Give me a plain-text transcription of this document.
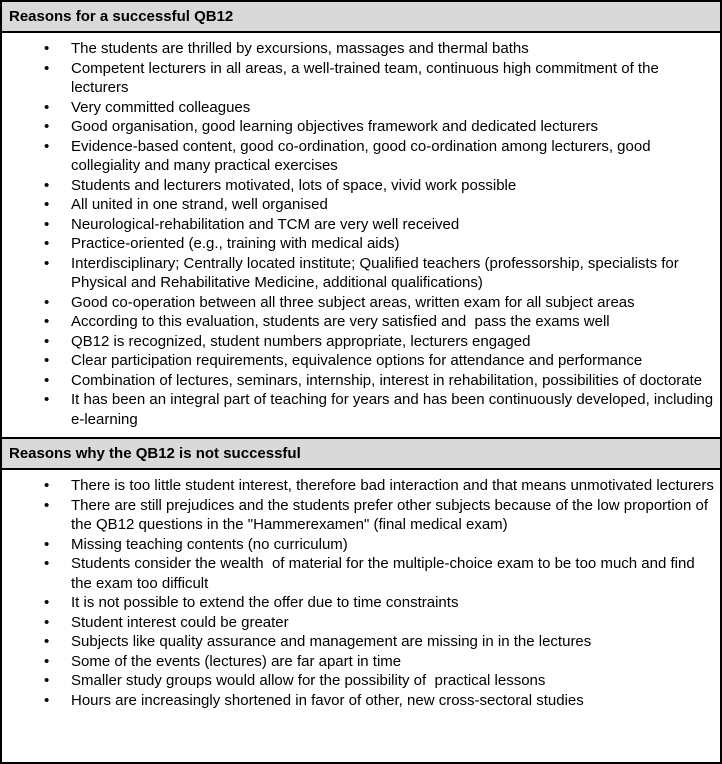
Reasons for a successful QB12
•	The students are thrilled by excursions, massages and thermal baths
•	Competent lecturers in all areas, a well-trained team, continuous high commitment of the lecturers
•	Very committed colleagues
•	Good organisation, good learning objectives framework and dedicated lecturers
•	Evidence-based content, good co-ordination, good co-ordination among lecturers, good collegiality and many practical exercises
•	Students and lecturers motivated, lots of space, vivid work possible
•	All united in one strand, well organised
•	Neurological-rehabilitation and TCM are very well received
•	Practice-oriented (e.g., training with medical aids)
•	Interdisciplinary; Centrally located institute; Qualified teachers (professorship, specialists for Physical and Rehabilitative Medicine, additional qualifications)
•	Good co-operation between all three subject areas, written exam for all subject areas
•	According to this evaluation, students are very satisfied and  pass the exams well
•	QB12 is recognized, student numbers appropriate, lecturers engaged
•	Clear participation requirements, equivalence options for attendance and performance
•	Combination of lectures, seminars, internship, interest in rehabilitation, possibilities of doctorate
•	It has been an integral part of teaching for years and has been continuously developed, including e-learning
Reasons why the QB12 is not successful
•	There is too little student interest, therefore bad interaction and that means unmotivated lecturers
•	There are still prejudices and the students prefer other subjects because of the low proportion of the QB12 questions in the "Hammerexamen" (final medical exam)
•	Missing teaching contents (no curriculum)
•	Students consider the wealth  of material for the multiple-choice exam to be too much and find the exam too difficult
•	It is not possible to extend the offer due to time constraints
•	Student interest could be greater
•	Subjects like quality assurance and management are missing in in the lectures
•	Some of the events (lectures) are far apart in time
•	Smaller study groups would allow for the possibility of  practical lessons
•	Hours are increasingly shortened in favor of other, new cross-sectoral studies
